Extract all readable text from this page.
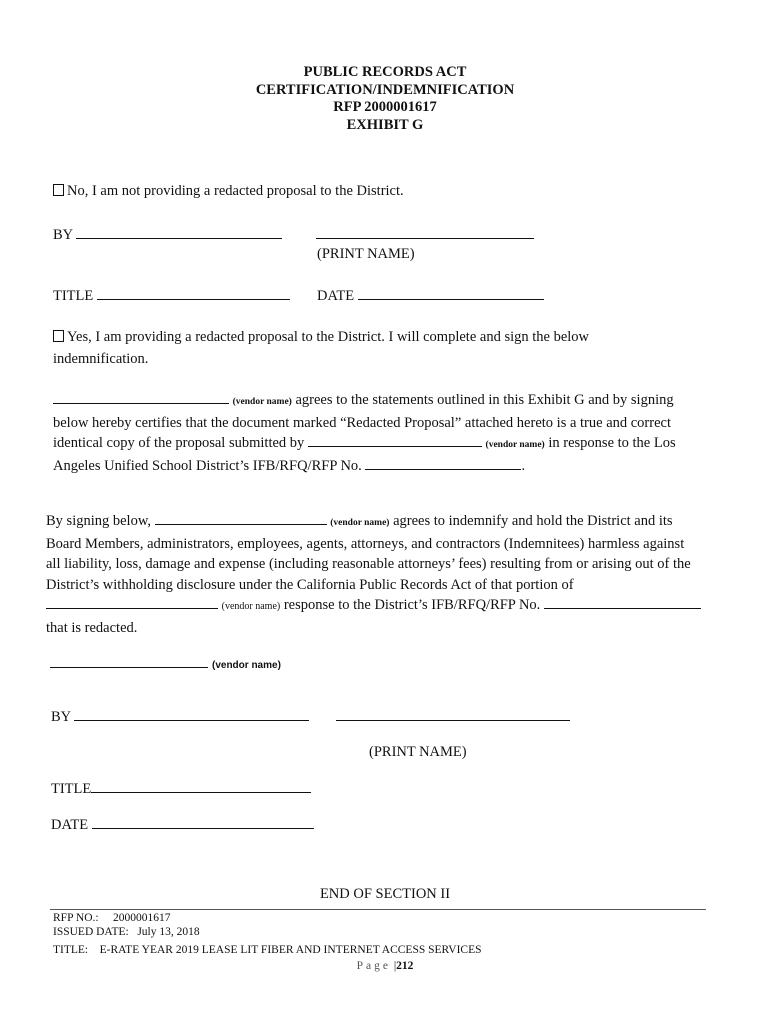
PUBLIC RECORDS ACT
CERTIFICATION/INDEMNIFICATION
RFP 2000001617
EXHIBIT G
No, I am not providing a redacted proposal to the District.
BY
(PRINT NAME)
TITLE	DATE
Yes, I am providing a redacted proposal to the District. I will complete and sign the below
indemnification.
(vendor name) agrees to the statements outlined in this Exhibit G and by signing
below hereby certifies that the document marked “Redacted Proposal” attached hereto is a true and correct
identical copy of the proposal submitted by	(vendor name) in response to the Los
Angeles Unified School District’s IFB/RFQ/RFP No.	.
By signing below,	(vendor name) agrees to indemnify and hold the District and its
Board Members, administrators, employees, agents, attorneys, and contractors (Indemnitees) harmless against
all liability, loss, damage and expense (including reasonable attorneys’ fees) resulting from or arising out of the
District’s withholding disclosure under the California Public Records Act of that portion of
(vendor name) response to the District’s IFB/RFQ/RFP No.
that is redacted.
(vendor name)
BY
(PRINT NAME)
TITLE
DATE
END OF SECTION II
RFP NO.:     2000001617
ISSUED DATE:   July 13, 2018
TITLE:    E-RATE YEAR 2019 LEASE LIT FIBER AND INTERNET ACCESS SERVICES
Page |212
